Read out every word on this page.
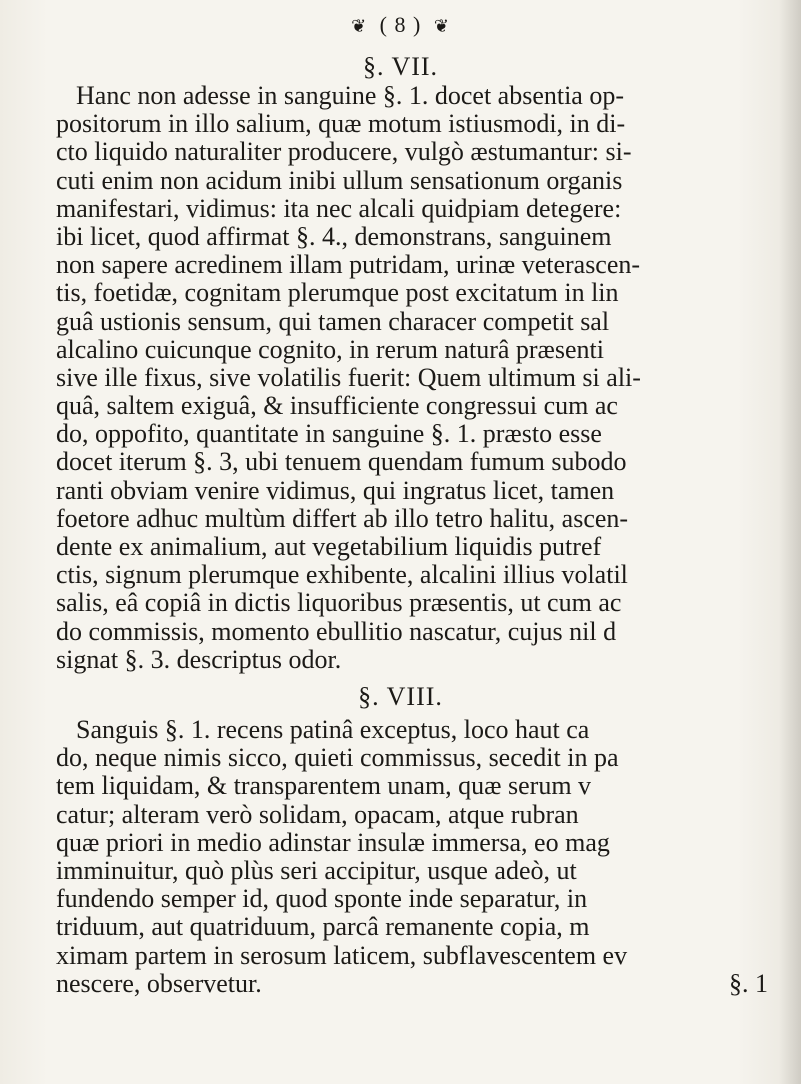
❦ ( 8 ) ❦
§. VII.
Hanc non adesse in sanguine §. 1. docet absentia op-
positorum in illo salium, quæ motum istiusmodi, in di-
cto liquido naturaliter producere, vulgò æstumantur: si-
cuti enim non acidum inibi ullum sensationum organis
manifestari, vidimus: ita nec alcali quidpiam detegere:
ibi licet, quod affirmat §. 4., demonstrans, sanguinem
non sapere acredinem illam putridam, urinæ veterascen-
tis, foetidæ, cognitam plerumque post excitatum in lin
guâ ustionis sensum, qui tamen characer competit sal
alcalino cuicunque cognito, in rerum naturâ præsenti
sive ille fixus, sive volatilis fuerit: Quem ultimum si ali-
quâ, saltem exiguâ, & insufficiente congressui cum ac
do, oppofito, quantitate in sanguine §. 1. præsto esse
docet iterum §. 3, ubi tenuem quendam fumum subodo
ranti obviam venire vidimus, qui ingratus licet, tamen
foetore adhuc multùm differt ab illo tetro halitu, ascen-
dente ex animalium, aut vegetabilium liquidis putref
ctis, signum plerumque exhibente, alcalini illius volatil
salis, eâ copiâ in dictis liquoribus præsentis, ut cum ac
do commissis, momento ebullitio nascatur, cujus nil d
signat §. 3. descriptus odor.
§. VIII.
Sanguis §. 1. recens patinâ exceptus, loco haut ca
do, neque nimis sicco, quieti commissus, secedit in pa
tem liquidam, & transparentem unam, quæ serum v
catur; alteram verò solidam, opacam, atque rubran
quæ priori in medio adinstar insulæ immersa, eo mag
imminuitur, quò plùs seri accipitur, usque adeò, ut
fundendo semper id, quod sponte inde separatur, in
triduum, aut quatriduum, parcâ remanente copia, m
ximam partem in serosum laticem, subflavescentem ev
nescere, observetur.	§. 1
